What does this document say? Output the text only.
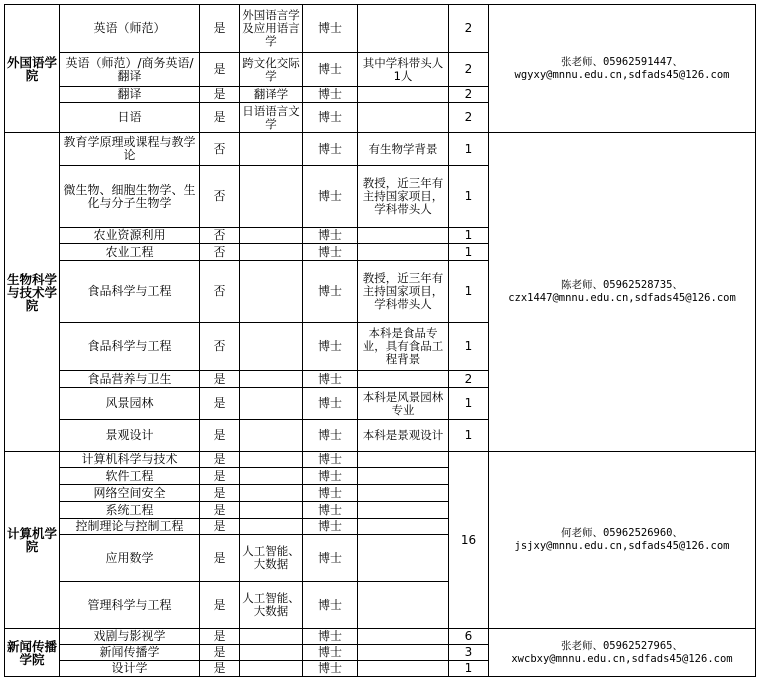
外国语学院	英语（师范）	是	外国语言学及应用语言学	博士		2	张老师、05962591447、wgyxy@mnnu.edu.cn,sdfads45@126.com
	英语（师范）/商务英语/翻译	是	跨文化交际学	博士	其中学科带头人1人	2	
	翻译	是	翻译学	博士		2	
	日语	是	日语语言文学	博士		2	
生物科学与技术学院	教育学原理或课程与教学论	否		博士	有生物学背景	1	陈老师、05962528735、czx1447@mnnu.edu.cn,sdfads45@126.com
	微生物、细胞生物学、生化与分子生物学	否		博士	教授，近三年有主持国家项目，学科带头人	1	
	农业资源利用	否		博士		1	
	农业工程	否		博士		1	
	食品科学与工程	否		博士	教授，近三年有主持国家项目，学科带头人	1	
	食品科学与工程	否		博士	本科是食品专业，具有食品工程背景	1	
	食品营养与卫生	是		博士		2	
	风景园林	是		博士	本科是风景园林专业	1	
	景观设计	是		博士	本科是景观设计	1	
计算机学院	计算机科学与技术	是		博士		16	何老师、05962526960、jsjxy@mnnu.edu.cn,sdfads45@126.com
	软件工程	是		博士			
	网络空间安全	是		博士			
	系统工程	是		博士			
	控制理论与控制工程	是		博士			
	应用数学	是	人工智能、大数据	博士			
	管理科学与工程	是	人工智能、大数据	博士			
新闻传播学院	戏剧与影视学	是		博士		6	张老师、05962527965、xwcbxy@mnnu.edu.cn,sdfads45@126.com
	新闻传播学	是		博士		3	
	设计学	是		博士		1	
